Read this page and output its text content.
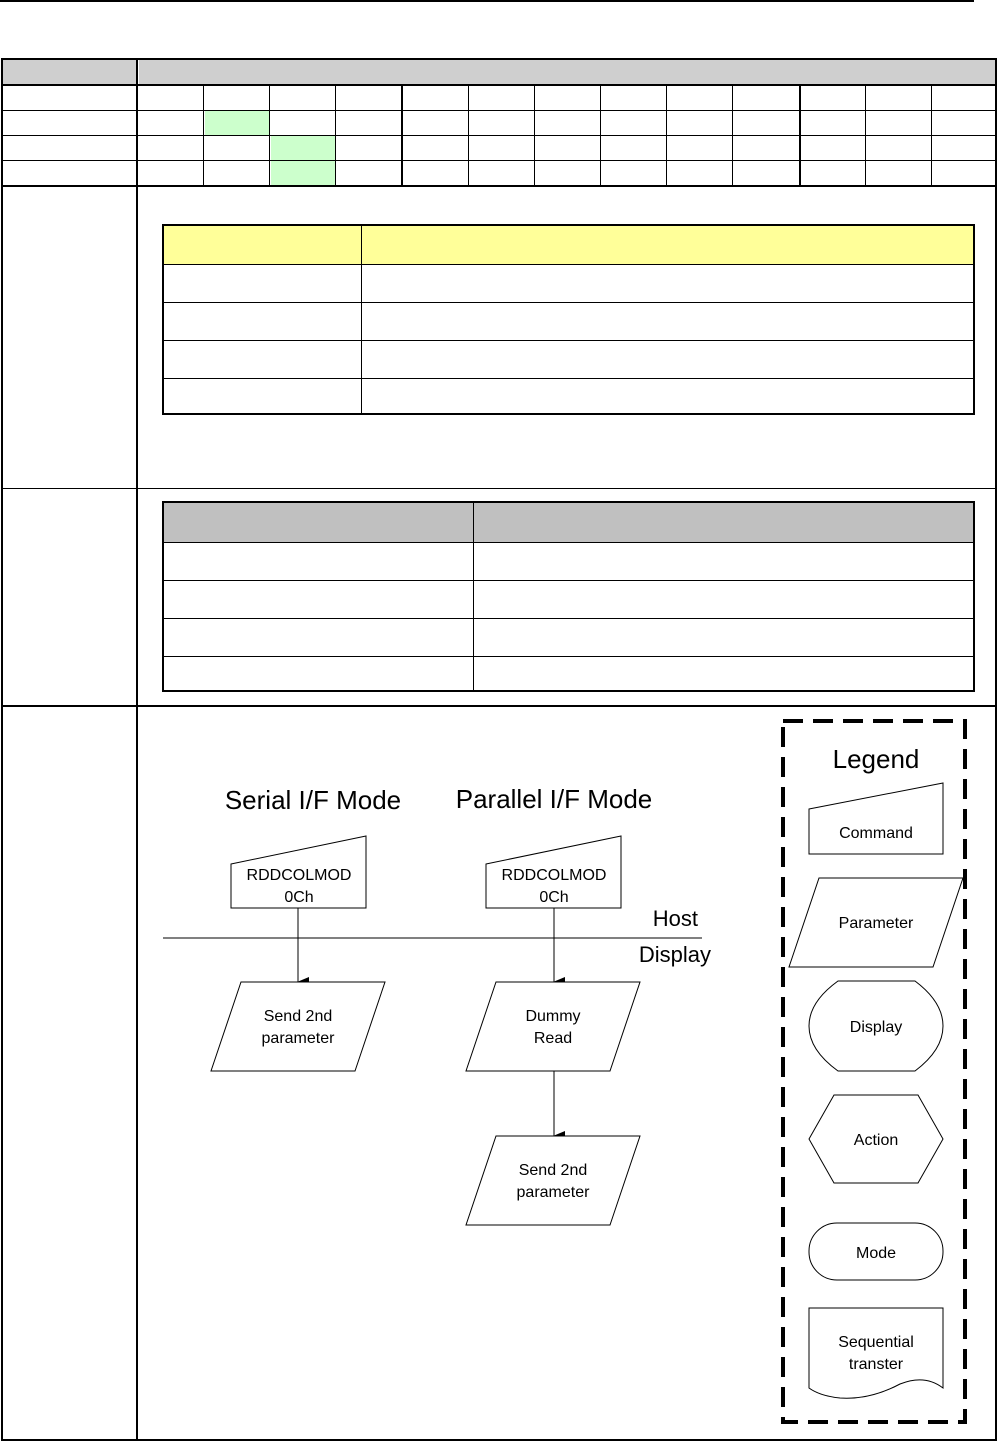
Serial I/F Mode Parallel I/F Mode
Host
Display
RDDCOLMOD
0Ch
Send 2nd
parameter
RDDCOLMOD
0Ch
Dummy
Read
Send 2nd
parameter
Legend
Command
Parameter
Display
Action
Mode
Sequential
transter
